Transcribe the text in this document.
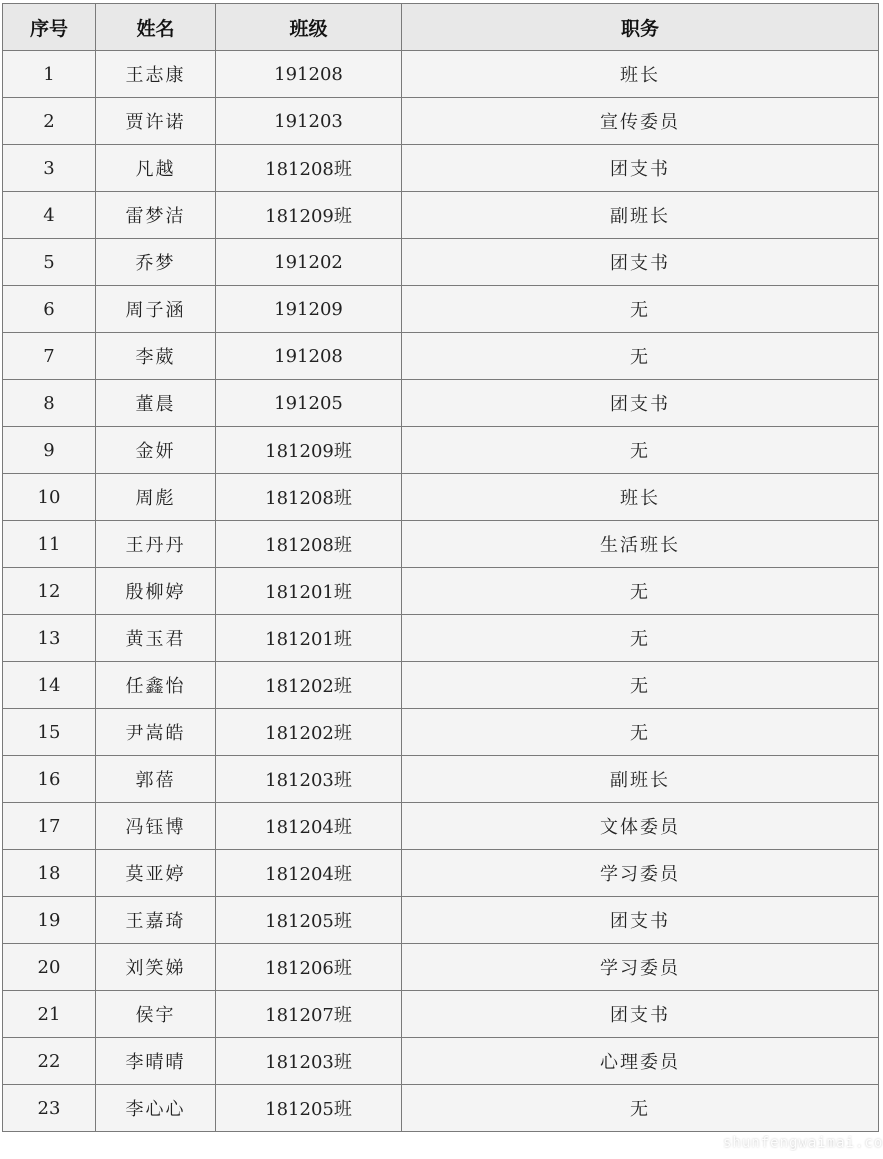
序号	姓名	班级	职务
1	王志康	191208	班长
2	贾许诺	191203	宣传委员
3	凡越	181208班	团支书
4	雷梦洁	181209班	副班长
5	乔梦	191202	团支书
6	周子涵	191209	无
7	李葳	191208	无
8	董晨	191205	团支书
9	金妍	181209班	无
10	周彪	181208班	班长
11	王丹丹	181208班	生活班长
12	殷柳婷	181201班	无
13	黄玉君	181201班	无
14	任鑫怡	181202班	无
15	尹嵩皓	181202班	无
16	郭蓓	181203班	副班长
17	冯钰博	181204班	文体委员
18	莫亚婷	181204班	学习委员
19	王嘉琦	181205班	团支书
20	刘笑娣	181206班	学习委员
21	侯宇	181207班	团支书
22	李晴晴	181203班	心理委员
23	李心心	181205班	无
shunfengwaimai.co
